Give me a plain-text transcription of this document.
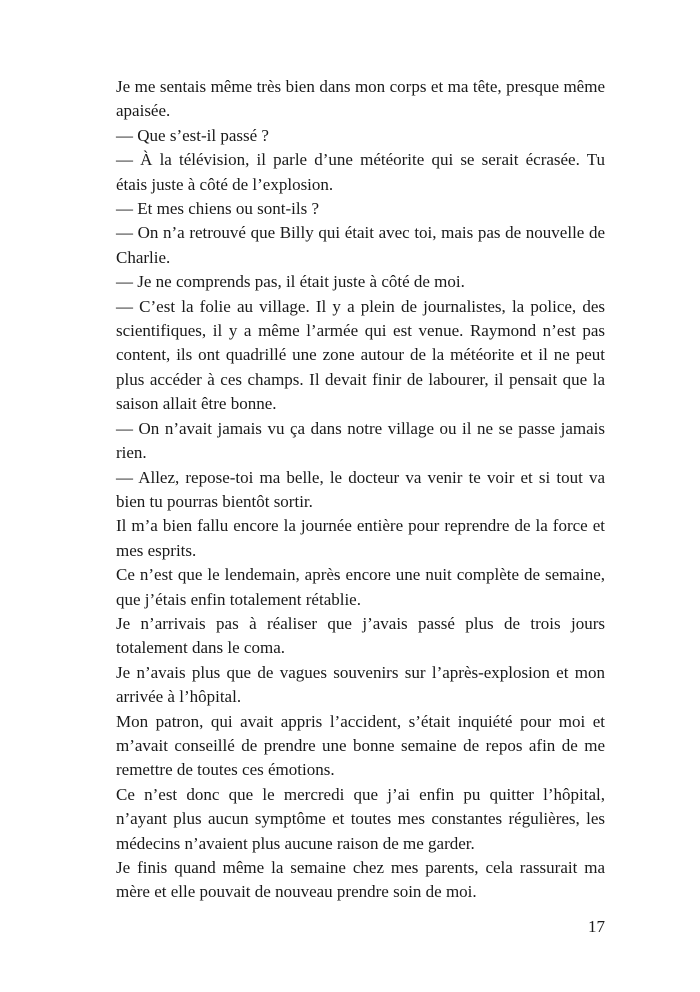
Je me sentais même très bien dans mon corps et ma tête, presque même apaisée.

— Que s’est-il passé ?

— À la télévision, il parle d’une météorite qui se serait écrasée. Tu étais juste à côté de l’explosion.

— Et mes chiens ou sont-ils ?

— On n’a retrouvé que Billy qui était avec toi, mais pas de nouvelle de Charlie.

— Je ne comprends pas, il était juste à côté de moi.

— C’est la folie au village. Il y a plein de journalistes, la police, des scientifiques, il y a même l’armée qui est venue. Raymond n’est pas content, ils ont quadrillé une zone autour de la météorite et il ne peut plus accéder à ces champs. Il devait finir de labourer, il pensait que la saison allait être bonne.

— On n’avait jamais vu ça dans notre village ou il ne se passe jamais rien.

— Allez, repose-toi ma belle, le docteur va venir te voir et si tout va bien tu pourras bientôt sortir.

Il m’a bien fallu encore la journée entière pour reprendre de la force et mes esprits.

Ce n’est que le lendemain, après encore une nuit complète de semaine, que j’étais enfin totalement rétablie.

Je n’arrivais pas à réaliser que j’avais passé plus de trois jours totalement dans le coma.

Je n’avais plus que de vagues souvenirs sur l’après-explosion et mon arrivée à l’hôpital.

Mon patron, qui avait appris l’accident, s’était inquiété pour moi et m’avait conseillé de prendre une bonne semaine de repos afin de me remettre de toutes ces émotions.

Ce n’est donc que le mercredi que j’ai enfin pu quitter l’hôpital, n’ayant plus aucun symptôme et toutes mes constantes régulières, les médecins n’avaient plus aucune raison de me garder.

Je finis quand même la semaine chez mes parents, cela rassurait ma mère et elle pouvait de nouveau prendre soin de moi.

17
